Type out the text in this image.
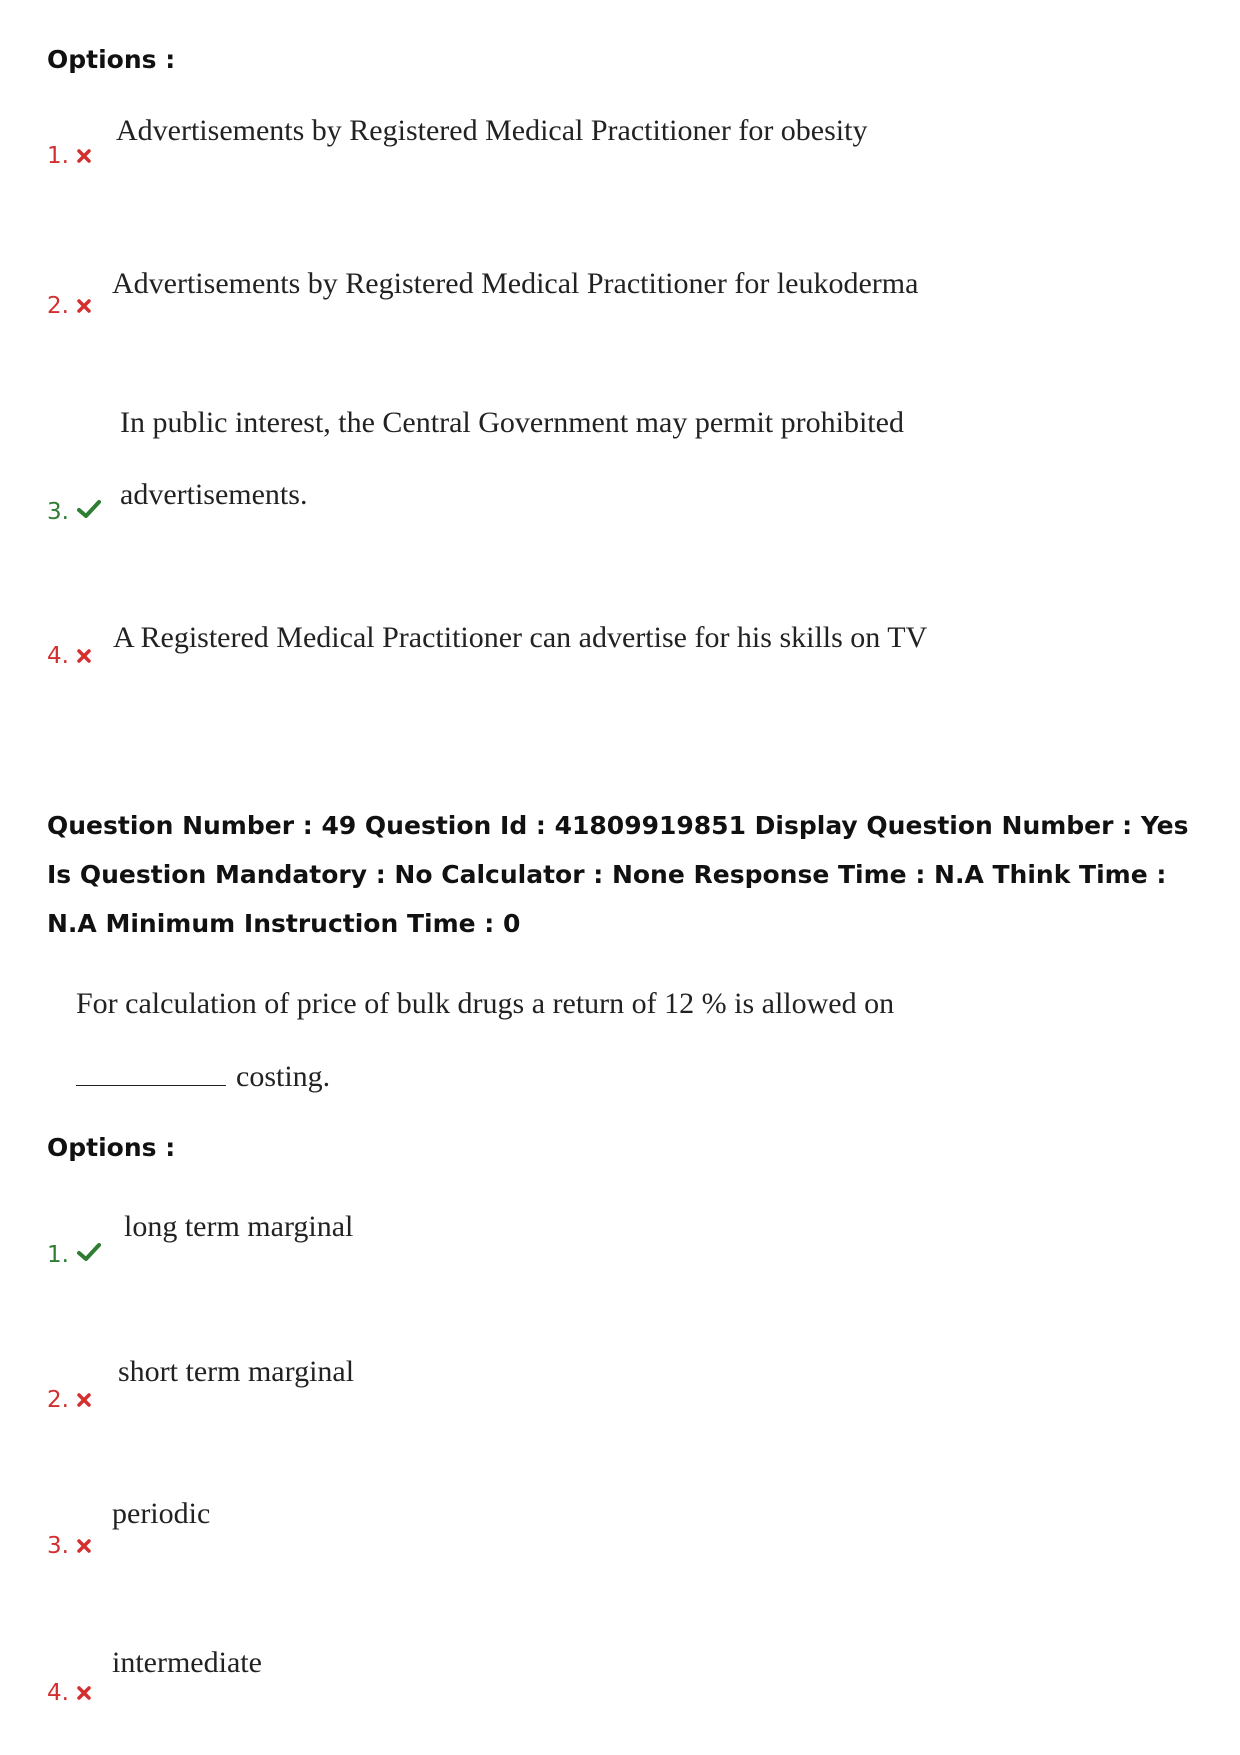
Options :
1.
Advertisements by Registered Medical Practitioner for obesity
2.
Advertisements by Registered Medical Practitioner for leukoderma
3.
In public interest, the Central Government may permit prohibited
advertisements.
4.
A Registered Medical Practitioner can advertise for his skills on TV
Question Number : 49 Question Id : 41809919851 Display Question Number : Yes Is Question Mandatory : No Calculator : None Response Time : N.A Think Time : N.A Minimum Instruction Time : 0
For calculation of price of bulk drugs a return of 12 % is allowed on
costing.
Options :
1.
long term marginal
2.
short term marginal
3.
periodic
4.
intermediate
